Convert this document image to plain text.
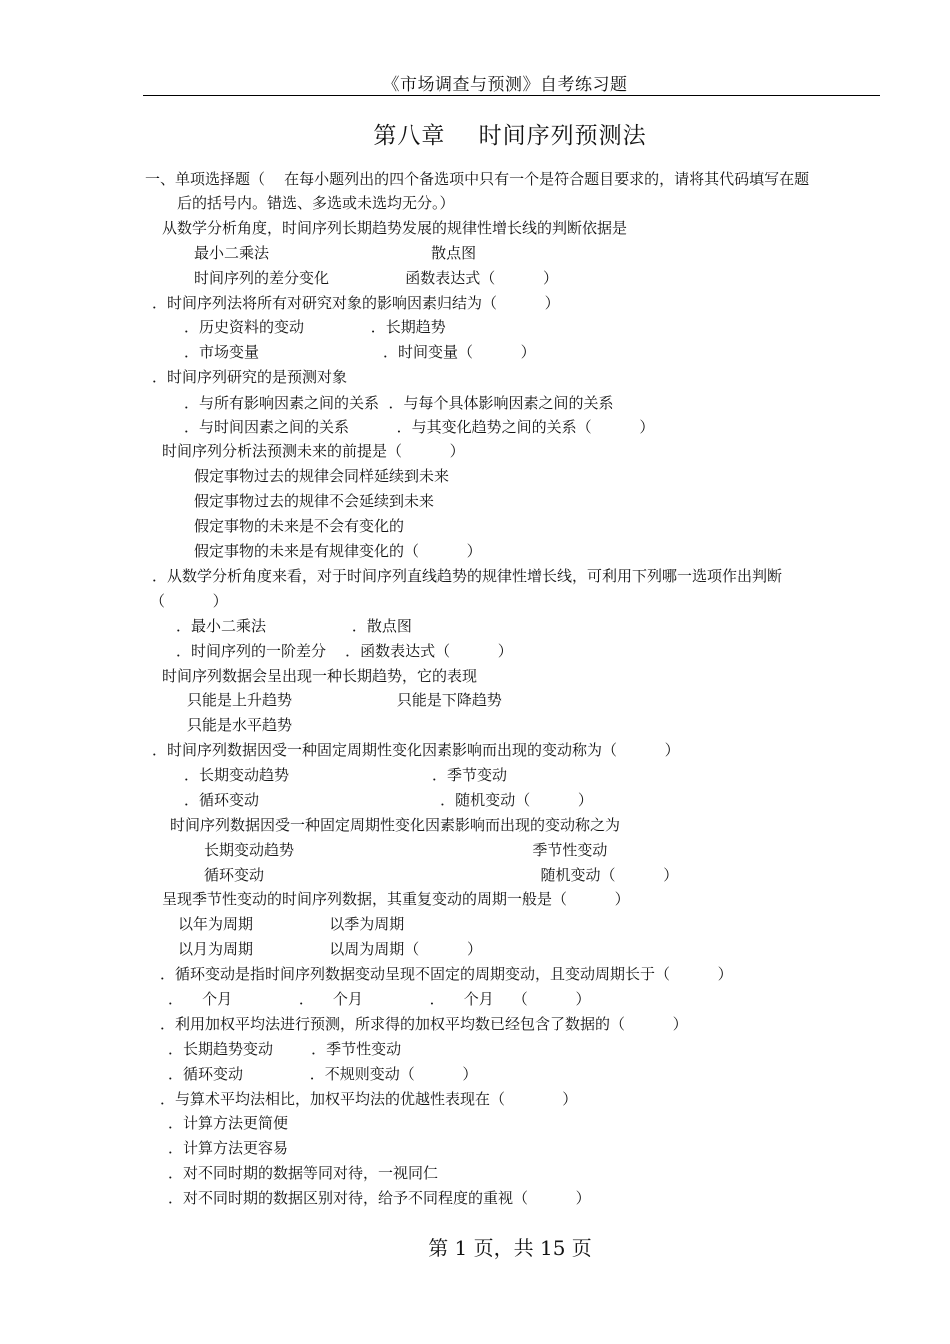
《市场调查与预测》自考练习题
第八章    时间序列预测法
一、单项选择题（    在每小题列出的四个备选项中只有一个是符合题目要求的，请将其代码填写在题
后的括号内。错选、多选或未选均无分。）
从数学分析角度，时间序列长期趋势发展的规律性增长线的判断依据是
最小二乘法                                  散点图
时间序列的差分变化                函数表达式（          ）
．时间序列法将所有对研究对象的影响因素归结为（          ）
．历史资料的变动              ．长期趋势
．市场变量                          ．时间变量（          ）
．时间序列研究的是预测对象
．与所有影响因素之间的关系  ．与每个具体影响因素之间的关系
．与时间因素之间的关系          ．与其变化趋势之间的关系（          ）
时间序列分析法预测未来的前提是（          ）
假定事物过去的规律会同样延续到未来
假定事物过去的规律不会延续到未来
假定事物的未来是不会有变化的
假定事物的未来是有规律变化的（          ）
．从数学分析角度来看，对于时间序列直线趋势的规律性增长线，可利用下列哪一选项作出判断
（          ）
．最小二乘法                  ．散点图
．时间序列的一阶差分    ．函数表达式（          ）
时间序列数据会呈出现一种长期趋势，它的表现
只能是上升趋势                      只能是下降趋势
只能是水平趋势
．时间序列数据因受一种固定周期性变化因素影响而出现的变动称为（          ）
．长期变动趋势                              ．季节变动
．循环变动                                      ．随机变动（          ）
时间序列数据因受一种固定周期性变化因素影响而出现的变动称之为
长期变动趋势                                                  季节性变动
循环变动                                                          随机变动（          ）
呈现季节性变动的时间序列数据，其重复变动的周期一般是（          ）
以年为周期                以季为周期
以月为周期                以周为周期（          ）
．循环变动是指时间序列数据变动呈现不固定的周期变动，且变动周期长于（          ）
．    个月              ．    个月              ．    个月    （          ）
．利用加权平均法进行预测，所求得的加权平均数已经包含了数据的（          ）
．长期趋势变动        ．季节性变动
．循环变动              ．不规则变动（          ）
．与算术平均法相比，加权平均法的优越性表现在（            ）
．计算方法更简便
．计算方法更容易
．对不同时期的数据等同对待，一视同仁
．对不同时期的数据区别对待，给予不同程度的重视（          ）
第 1 页，共 15 页
